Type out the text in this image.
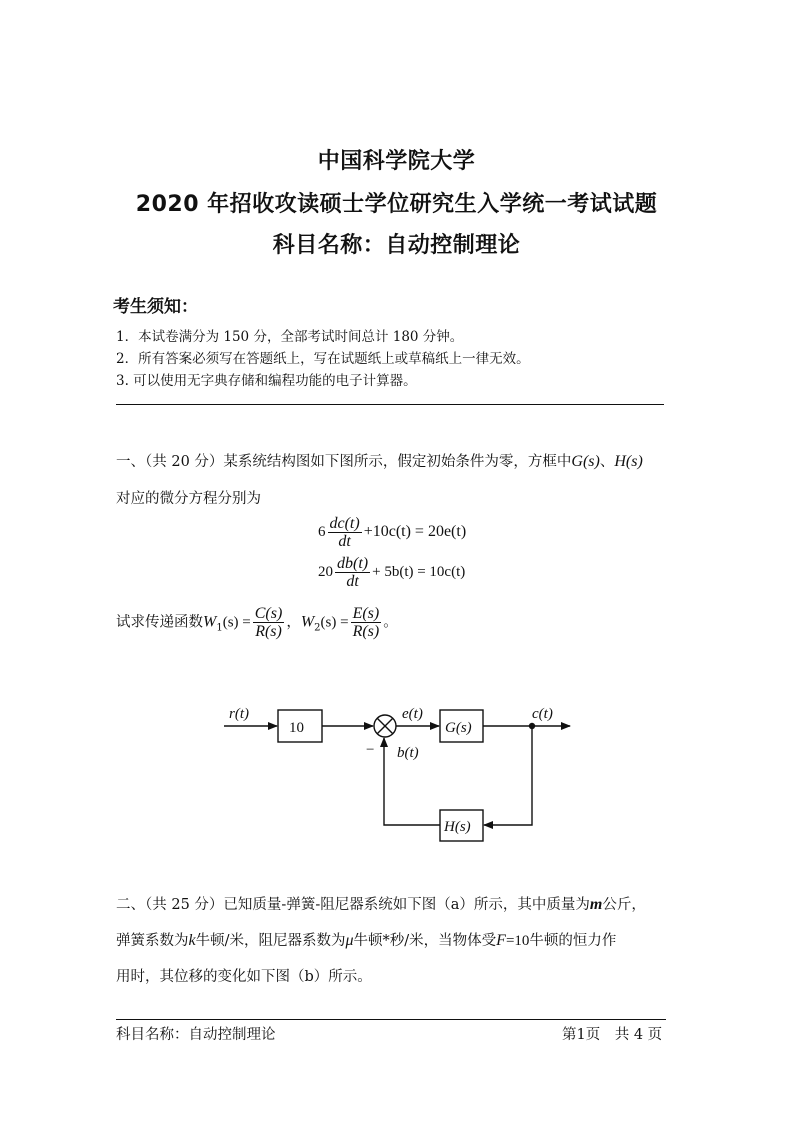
中国科学院大学
2020 年招收攻读硕士学位研究生入学统一考试试题
科目名称：自动控制理论
考生须知：
1．本试卷满分为 150 分，全部考试时间总计 180 分钟。
2．所有答案必须写在答题纸上，写在试题纸上或草稿纸上一律无效。
3. 可以使用无字典存储和编程功能的电子计算器。
一、（共 20 分）某系统结构图如下图所示，假定初始条件为零，方框中G(s)、H(s)
对应的微分方程分别为
$6 \frac{dc(t)}{dt} +10c(t) = 20e(t)$
$20 \frac{db(t)}{dt} + 5b(t) = 10c(t)$
试求传递函数$W_1(s) = \frac{C(s)}{R(s)}$ ，$W_2(s) = \frac{E(s)}{R(s)}$ 。
r(t)
10
e(t)
G(s)
c(t)
b(t)
−
H(s)
二、（共 25 分）已知质量-弹簧-阻尼器系统如下图（a）所示，其中质量为m公斤，
弹簧系数为k牛顿/米，阻尼器系数为μ牛顿*秒/米，当物体受F=10牛顿的恒力作
用时，其位移的变化如下图（b）所示。
科目名称：自动控制理论	第1页　共 4 页
